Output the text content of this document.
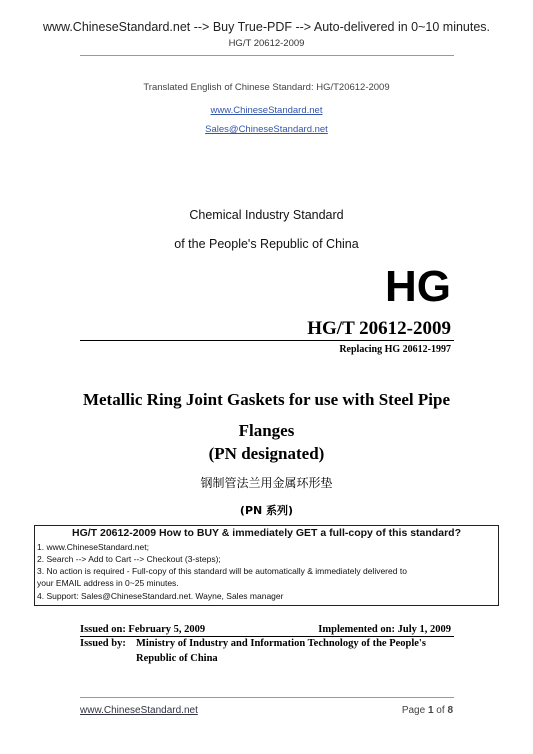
www.ChineseStandard.net --> Buy True-PDF --> Auto-delivered in 0~10 minutes.
HG/T 20612-2009
Translated English of Chinese Standard: HG/T20612-2009
www.ChineseStandard.net
Sales@ChineseStandard.net
Chemical Industry Standard
of the People's Republic of China
HG
HG/T 20612-2009
Replacing HG 20612-1997
Metallic Ring Joint Gaskets for use with Steel Pipe
Flanges
(PN designated)
钢制管法兰用金属环形垫
(PN 系列)
HG/T 20612-2009 How to BUY & immediately GET a full-copy of this standard?
1. www.ChineseStandard.net;
2. Search --> Add to Cart --> Checkout (3-steps);
3. No action is required - Full-copy of this standard will be automatically & immediately delivered to
your EMAIL address in 0~25 minutes.
4. Support: Sales@ChineseStandard.net. Wayne, Sales manager
Issued on: February 5, 2009	Implemented on: July 1, 2009
Issued by: Ministry of Industry and Information Technology of the People's
Republic of China
www.ChineseStandard.net	Page 1 of 8
